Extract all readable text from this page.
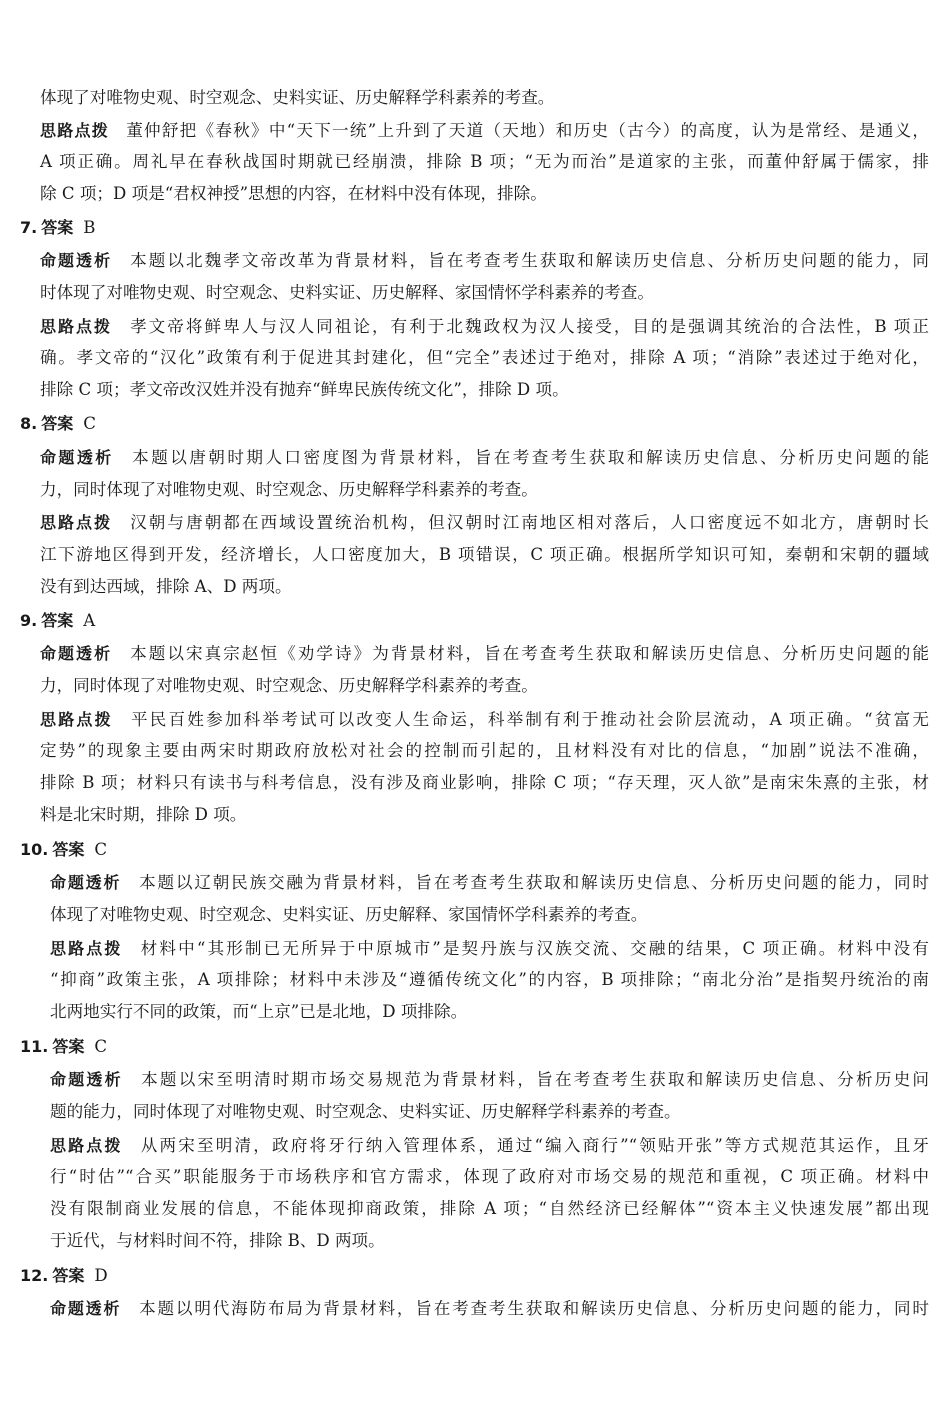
体现了对唯物史观、时空观念、史料实证、历史解释学科素养的考查。
思路点拨 董仲舒把《春秋》中“天下一统”上升到了天道（天地）和历史（古今）的高度，认为是常经、是通义，
A 项正确。周礼早在春秋战国时期就已经崩溃，排除 B 项；“无为而治”是道家的主张，而董仲舒属于儒家，排
除 C 项；D 项是“君权神授”思想的内容，在材料中没有体现，排除。
7. 答案 B
命题透析 本题以北魏孝文帝改革为背景材料，旨在考查考生获取和解读历史信息、分析历史问题的能力，同
时体现了对唯物史观、时空观念、史料实证、历史解释、家国情怀学科素养的考查。
思路点拨 孝文帝将鲜卑人与汉人同祖论，有利于北魏政权为汉人接受，目的是强调其统治的合法性，B 项正
确。孝文帝的“汉化”政策有利于促进其封建化，但“完全”表述过于绝对，排除 A 项；“消除”表述过于绝对化，
排除 C 项；孝文帝改汉姓并没有抛弃“鲜卑民族传统文化”，排除 D 项。
8. 答案 C
命题透析 本题以唐朝时期人口密度图为背景材料，旨在考查考生获取和解读历史信息、分析历史问题的能
力，同时体现了对唯物史观、时空观念、历史解释学科素养的考查。
思路点拨 汉朝与唐朝都在西域设置统治机构，但汉朝时江南地区相对落后，人口密度远不如北方，唐朝时长
江下游地区得到开发，经济增长，人口密度加大，B 项错误，C 项正确。根据所学知识可知，秦朝和宋朝的疆域
没有到达西域，排除 A、D 两项。
9. 答案 A
命题透析 本题以宋真宗赵恒《劝学诗》为背景材料，旨在考查考生获取和解读历史信息、分析历史问题的能
力，同时体现了对唯物史观、时空观念、历史解释学科素养的考查。
思路点拨 平民百姓参加科举考试可以改变人生命运，科举制有利于推动社会阶层流动，A 项正确。“贫富无
定势”的现象主要由两宋时期政府放松对社会的控制而引起的，且材料没有对比的信息，“加剧”说法不准确，
排除 B 项；材料只有读书与科考信息，没有涉及商业影响，排除 C 项；“存天理，灭人欲”是南宋朱熹的主张，材
料是北宋时期，排除 D 项。
10. 答案 C
命题透析 本题以辽朝民族交融为背景材料，旨在考查考生获取和解读历史信息、分析历史问题的能力，同时
体现了对唯物史观、时空观念、史料实证、历史解释、家国情怀学科素养的考查。
思路点拨 材料中“其形制已无所异于中原城市”是契丹族与汉族交流、交融的结果，C 项正确。材料中没有
“抑商”政策主张，A 项排除；材料中未涉及“遵循传统文化”的内容，B 项排除；“南北分治”是指契丹统治的南
北两地实行不同的政策，而“上京”已是北地，D 项排除。
11. 答案 C
命题透析 本题以宋至明清时期市场交易规范为背景材料，旨在考查考生获取和解读历史信息、分析历史问
题的能力，同时体现了对唯物史观、时空观念、史料实证、历史解释学科素养的考查。
思路点拨 从两宋至明清，政府将牙行纳入管理体系，通过“编入商行”“领贴开张”等方式规范其运作，且牙
行“时估”“合买”职能服务于市场秩序和官方需求，体现了政府对市场交易的规范和重视，C 项正确。材料中
没有限制商业发展的信息，不能体现抑商政策，排除 A 项；“自然经济已经解体”“资本主义快速发展”都出现
于近代，与材料时间不符，排除 B、D 两项。
12. 答案 D
命题透析 本题以明代海防布局为背景材料，旨在考查考生获取和解读历史信息、分析历史问题的能力，同时
